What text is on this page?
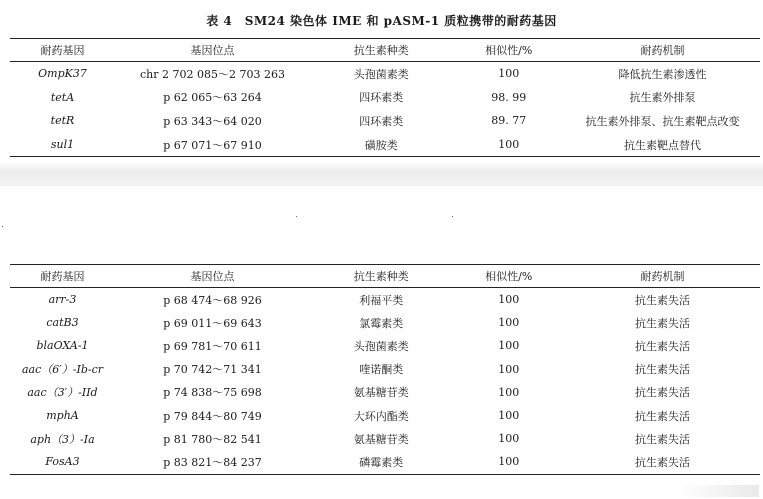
表 4　SM24 染色体 IME 和 pASM-1 质粒携带的耐药基因
耐药基因	基因位点	抗生素种类	相似性/%	耐药机制
OmpK37	chr 2 702 085～2 703 263	头孢菌素类	100	降低抗生素渗透性
tetA	p 62 065～63 264	四环素类	98. 99	抗生素外排泵
tetR	p 63 343～64 020	四环素类	89. 77	抗生素外排泵、抗生素靶点改变
sul1	p 67 071～67 910	磺胺类	100	抗生素靶点替代
耐药基因	基因位点	抗生素种类	相似性/%	耐药机制
arr-3	p 68 474～68 926	利福平类	100	抗生素失活
catB3	p 69 011～69 643	氯霉素类	100	抗生素失活
blaOXA-1	p 69 781～70 611	头孢菌素类	100	抗生素失活
aac（6′）-Ib-cr	p 70 742～71 341	喹诺酮类	100	抗生素失活
aac（3′）-IId	p 74 838～75 698	氨基糖苷类	100	抗生素失活
mphA	p 79 844～80 749	大环内酯类	100	抗生素失活
aph（3）-Ia	p 81 780～82 541	氨基糖苷类	100	抗生素失活
FosA3	p 83 821～84 237	磷霉素类	100	抗生素失活
